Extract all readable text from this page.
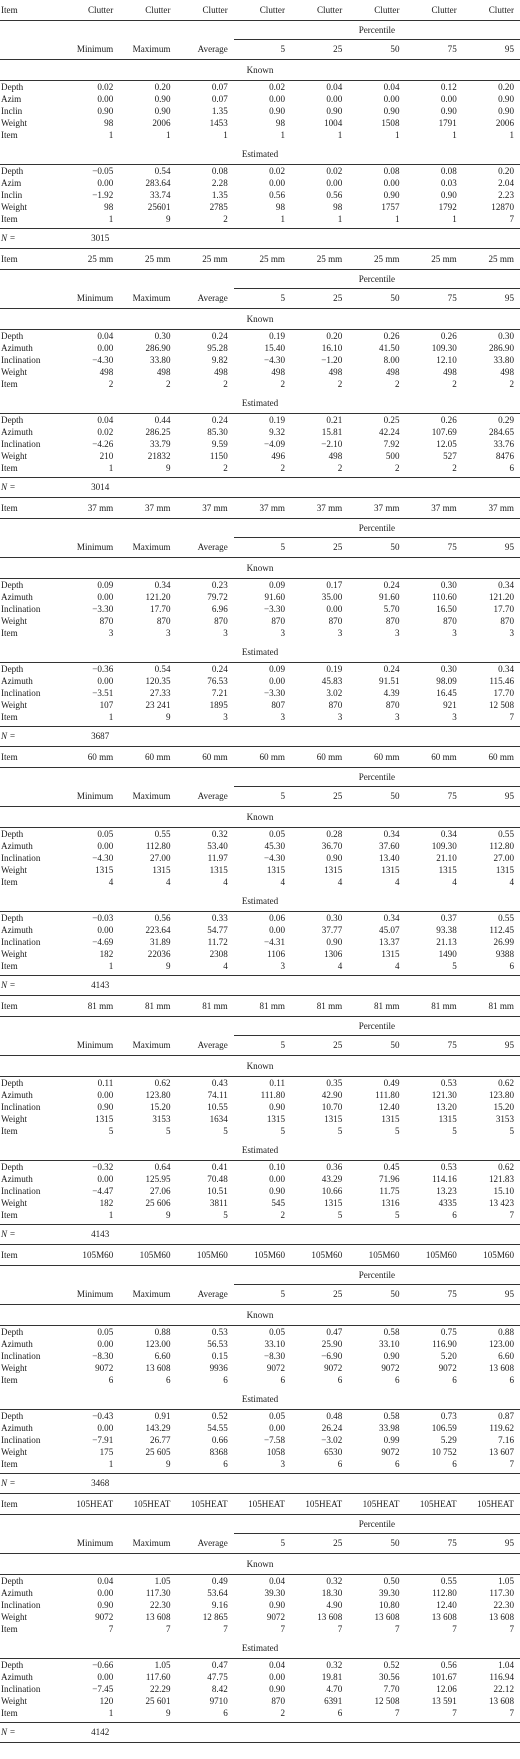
Item	Clutter	Clutter	Clutter	Clutter	Clutter	Clutter	Clutter	Clutter
				Percentile				
	Minimum	Maximum	Average	5	25	50	75	95
Known								
Depth	0.02	0.20	0.07	0.02	0.04	0.04	0.12	0.20
Azim	0.00	0.90	0.07	0.00	0.00	0.00	0.00	0.90
Inclin	0.90	0.90	1.35	0.90	0.90	0.90	0.90	0.90
Weight	98	2006	1453	98	1004	1508	1791	2006
Item	1	1	1	1	1	1	1	1
Estimated								
Depth	−0.05	0.54	0.08	0.02	0.02	0.08	0.08	0.20
Azim	0.00	283.64	2.28	0.00	0.00	0.00	0.03	2.04
Inclin	−1.92	33.74	1.35	0.56	0.56	0.90	0.90	2.23
Weight	98	25601	2785	98	98	1757	1792	12870
Item	1	9	2	1	1	1	1	7
N =	3015							
Item	25 mm	25 mm	25 mm	25 mm	25 mm	25 mm	25 mm	25 mm
				Percentile				
	Minimum	Maximum	Average	5	25	50	75	95
Known								
Depth	0.04	0.30	0.24	0.19	0.20	0.26	0.26	0.30
Azimuth	0.00	286.90	95.28	15.40	16.10	41.50	109.30	286.90
Inclination	−4.30	33.80	9.82	−4.30	−1.20	8.00	12.10	33.80
Weight	498	498	498	498	498	498	498	498
Item	2	2	2	2	2	2	2	2
Estimated								
Depth	0.04	0.44	0.24	0.19	0.21	0.25	0.26	0.29
Azimuth	0.02	286.25	85.30	9.32	15.81	42.24	107.69	284.65
Inclination	−4.26	33.79	9.59	−4.09	−2.10	7.92	12.05	33.76
Weight	210	21832	1150	496	498	500	527	8476
Item	1	9	2	2	2	2	2	6
N =	3014							
Item	37 mm	37 mm	37 mm	37 mm	37 mm	37 mm	37 mm	37 mm
				Percentile				
	Minimum	Maximum	Average	5	25	50	75	95
Known								
Depth	0.09	0.34	0.23	0.09	0.17	0.24	0.30	0.34
Azimuth	0.00	121.20	79.72	91.60	35.00	91.60	110.60	121.20
Inclination	−3.30	17.70	6.96	−3.30	0.00	5.70	16.50	17.70
Weight	870	870	870	870	870	870	870	870
Item	3	3	3	3	3	3	3	3
Estimated								
Depth	−0.36	0.54	0.24	0.09	0.19	0.24	0.30	0.34
Azimuth	0.00	120.35	76.53	0.00	45.83	91.51	98.09	115.46
Inclination	−3.51	27.33	7.21	−3.30	3.02	4.39	16.45	17.70
Weight	107	23 241	1895	807	870	870	921	12 508
Item	1	9	3	3	3	3	3	7
N =	3687							
Item	60 mm	60 mm	60 mm	60 mm	60 mm	60 mm	60 mm	60 mm
				Percentile				
	Minimum	Maximum	Average	5	25	50	75	95
Known								
Depth	0.05	0.55	0.32	0.05	0.28	0.34	0.34	0.55
Azimuth	0.00	112.80	53.40	45.30	36.70	37.60	109.30	112.80
Inclination	−4.30	27.00	11.97	−4.30	0.90	13.40	21.10	27.00
Weight	1315	1315	1315	1315	1315	1315	1315	1315
Item	4	4	4	4	4	4	4	4
Estimated								
Depth	−0.03	0.56	0.33	0.06	0.30	0.34	0.37	0.55
Azimuth	0.00	223.64	54.77	0.00	37.77	45.07	93.38	112.45
Inclination	−4.69	31.89	11.72	−4.31	0.90	13.37	21.13	26.99
Weight	182	22036	2308	1106	1306	1315	1490	9388
Item	1	9	4	3	4	4	5	6
N =	4143							
Item	81 mm	81 mm	81 mm	81 mm	81 mm	81 mm	81 mm	81 mm
				Percentile				
	Minimum	Maximum	Average	5	25	50	75	95
Known								
Depth	0.11	0.62	0.43	0.11	0.35	0.49	0.53	0.62
Azimuth	0.00	123.80	74.11	111.80	42.90	111.80	121.30	123.80
Inclination	0.90	15.20	10.55	0.90	10.70	12.40	13.20	15.20
Weight	1315	3153	1634	1315	1315	1315	1315	3153
Item	5	5	5	5	5	5	5	5
Estimated								
Depth	−0.32	0.64	0.41	0.10	0.36	0.45	0.53	0.62
Azimuth	0.00	125.95	70.48	0.00	43.29	71.96	114.16	121.83
Inclination	−4.47	27.06	10.51	0.90	10.66	11.75	13.23	15.10
Weight	182	25 606	3811	545	1315	1316	4335	13 423
Item	1	9	5	2	5	5	6	7
N =	4143							
Item	105M60	105M60	105M60	105M60	105M60	105M60	105M60	105M60
				Percentile				
	Minimum	Maximum	Average	5	25	50	75	95
Known								
Depth	0.05	0.88	0.53	0.05	0.47	0.58	0.75	0.88
Azimuth	0.00	123.00	56.53	33.10	25.90	33.10	116.90	123.00
Inclination	−8.30	6.60	0.15	−8.30	−6.90	0.90	5.20	6.60
Weight	9072	13 608	9936	9072	9072	9072	9072	13 608
Item	6	6	6	6	6	6	6	6
Estimated								
Depth	−0.43	0.91	0.52	0.05	0.48	0.58	0.73	0.87
Azimuth	0.00	143.29	54.55	0.00	26.24	33.98	106.59	119.62
Inclination	−7.91	26.77	0.66	−7.58	−3.02	0.99	5.29	7.16
Weight	175	25 605	8368	1058	6530	9072	10 752	13 607
Item	1	9	6	3	6	6	6	7
N =	3468							
Item	105HEAT	105HEAT	105HEAT	105HEAT	105HEAT	105HEAT	105HEAT	105HEAT
				Percentile				
	Minimum	Maximum	Average	5	25	50	75	95
Known								
Depth	0.04	1.05	0.49	0.04	0.32	0.50	0.55	1.05
Azimuth	0.00	117.30	53.64	39.30	18.30	39.30	112.80	117.30
Inclination	0.90	22.30	9.16	0.90	4.90	10.80	12.40	22.30
Weight	9072	13 608	12 865	9072	13 608	13 608	13 608	13 608
Item	7	7	7	7	7	7	7	7
Estimated								
Depth	−0.66	1.05	0.47	0.04	0.32	0.52	0.56	1.04
Azimuth	0.00	117.60	47.75	0.00	19.81	30.56	101.67	116.94
Inclination	−7.45	22.29	8.42	0.90	4.70	7.70	12.06	22.12
Weight	120	25 601	9710	870	6391	12 508	13 591	13 608
Item	1	9	6	2	6	7	7	7
N =	4142							
